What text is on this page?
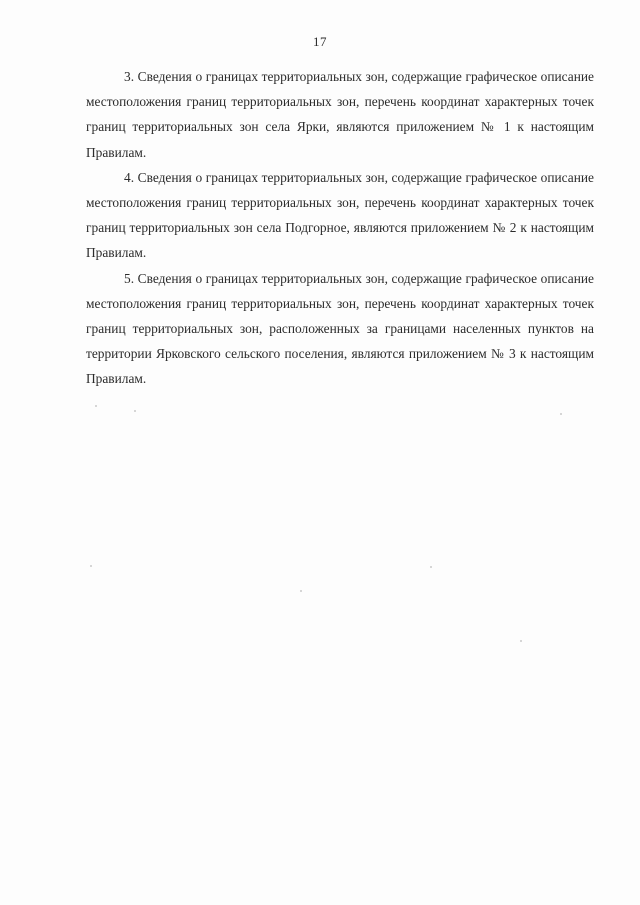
17

3. Сведения о границах территориальных зон, содержащие графическое описание местоположения границ территориальных зон, перечень координат характерных точек границ территориальных зон села Ярки, являются приложением № 1 к настоящим Правилам.

4. Сведения о границах территориальных зон, содержащие графическое описание местоположения границ территориальных зон, перечень координат характерных точек границ территориальных зон села Подгорное, являются приложением № 2 к настоящим Правилам.

5. Сведения о границах территориальных зон, содержащие графическое описание местоположения границ территориальных зон, перечень координат характерных точек границ территориальных зон, расположенных за границами населенных пунктов на территории Ярковского сельского поселения, являются приложением № 3 к настоящим Правилам.
